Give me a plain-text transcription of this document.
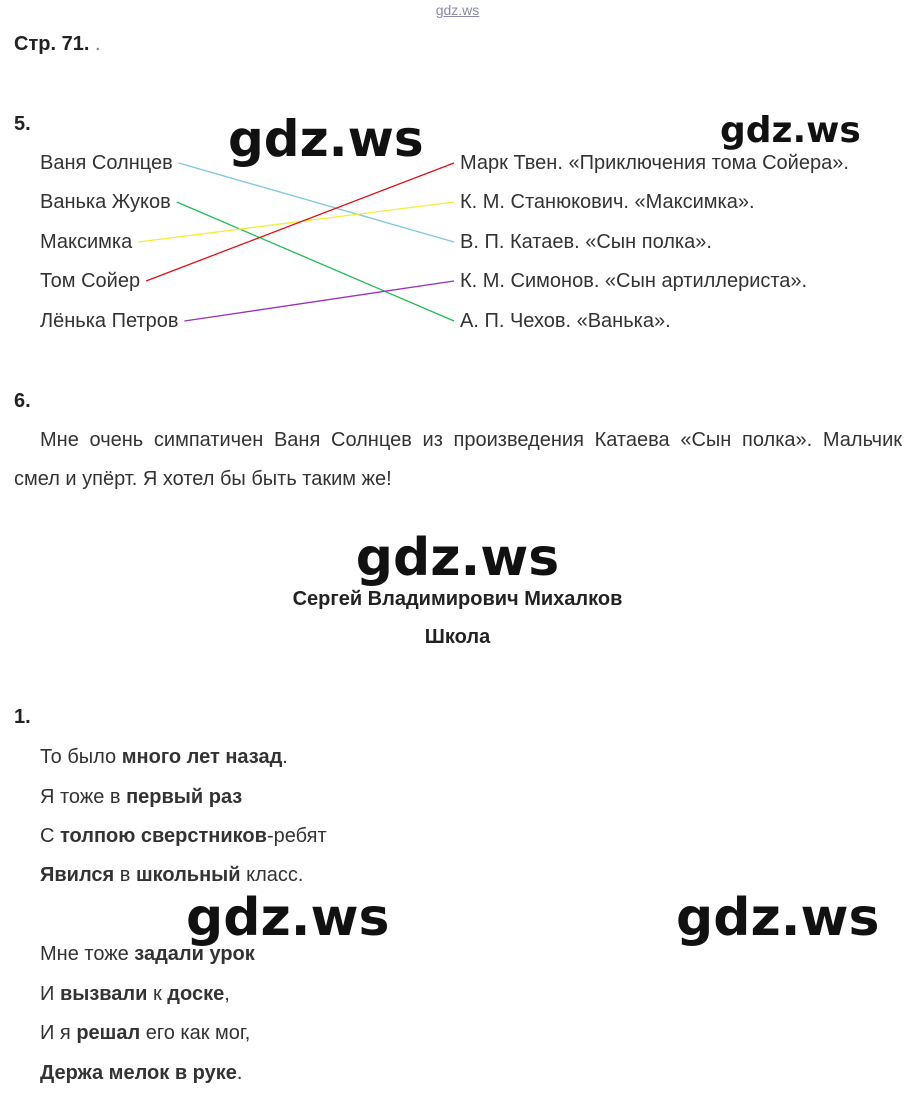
gdz.ws
Стр. 71. .
5.
Ваня Солнцев
Ванька Жуков
Максимка
Том Сойер
Лёнька Петров
Марк Твен. «Приключения тома Сойера».
К. М. Станюкович. «Максимка».
В. П. Катаев. «Сын полка».
К. М. Симонов. «Сын артиллериста».
А. П. Чехов. «Ванька».
gdz.ws	gdz.ws
6.
Мне очень симпатичен Ваня Солнцев из произведения Катаева «Сын полка». Мальчик смел и упёрт. Я хотел бы быть таким же!
gdz.ws
Сергей Владимирович Михалков
Школа
1.
То было много лет назад.
Я тоже в первый раз
С толпою сверстников-ребят
Явился в школьный класс.
Мне тоже задали урок
И вызвали к доске,
И я решал его как мог,
Держа мелок в руке.
gdz.ws	gdz.ws
